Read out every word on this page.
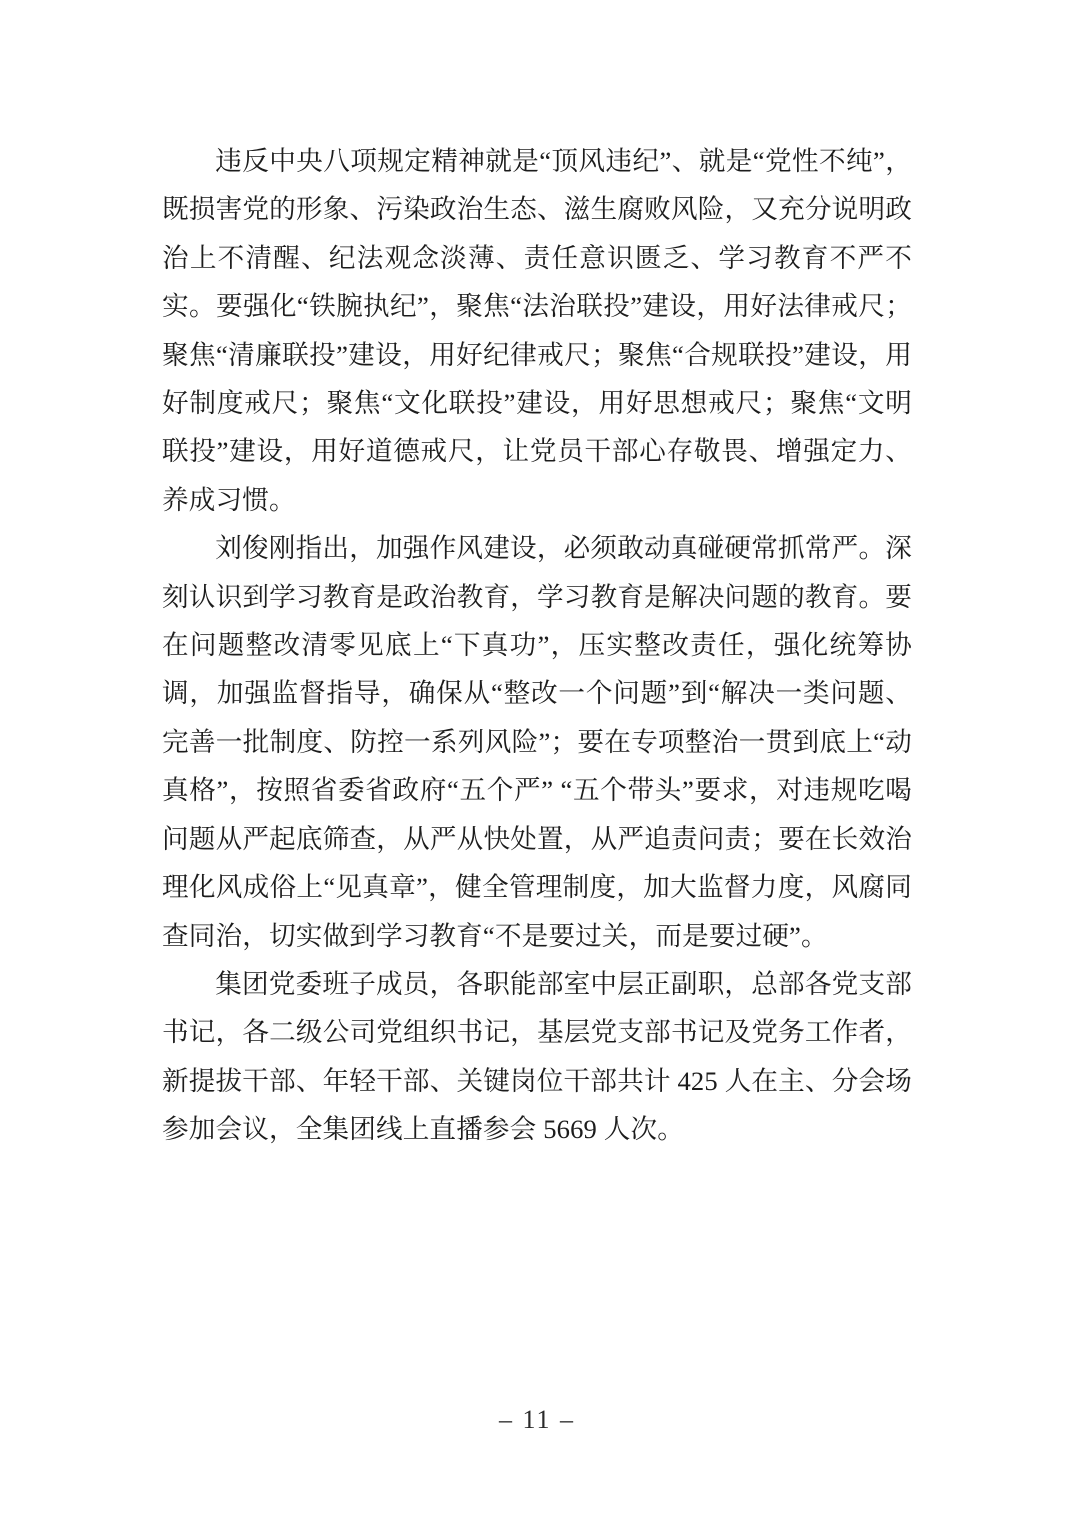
违反中央八项规定精神就是“顶风违纪”、就是“党性不纯”，既损害党的形象、污染政治生态、滋生腐败风险，又充分说明政治上不清醒、纪法观念淡薄、责任意识匮乏、学习教育不严不实。要强化“铁腕执纪”，聚焦“法治联投”建设，用好法律戒尺；聚焦“清廉联投”建设，用好纪律戒尺；聚焦“合规联投”建设，用好制度戒尺；聚焦“文化联投”建设，用好思想戒尺；聚焦“文明联投”建设，用好道德戒尺，让党员干部心存敬畏、增强定力、养成习惯。

刘俊刚指出，加强作风建设，必须敢动真碰硬常抓常严。深刻认识到学习教育是政治教育，学习教育是解决问题的教育。要在问题整改清零见底上“下真功”，压实整改责任，强化统筹协调，加强监督指导，确保从“整改一个问题”到“解决一类问题、完善一批制度、防控一系列风险”；要在专项整治一贯到底上“动真格”，按照省委省政府“五个严” “五个带头”要求，对违规吃喝问题从严起底筛查，从严从快处置，从严追责问责；要在长效治理化风成俗上“见真章”，健全管理制度，加大监督力度，风腐同查同治，切实做到学习教育“不是要过关，而是要过硬”。

集团党委班子成员，各职能部室中层正副职，总部各党支部书记，各二级公司党组织书记，基层党支部书记及党务工作者，新提拔干部、年轻干部、关键岗位干部共计 425 人在主、分会场参加会议，全集团线上直播参会 5669 人次。

– 11 –
